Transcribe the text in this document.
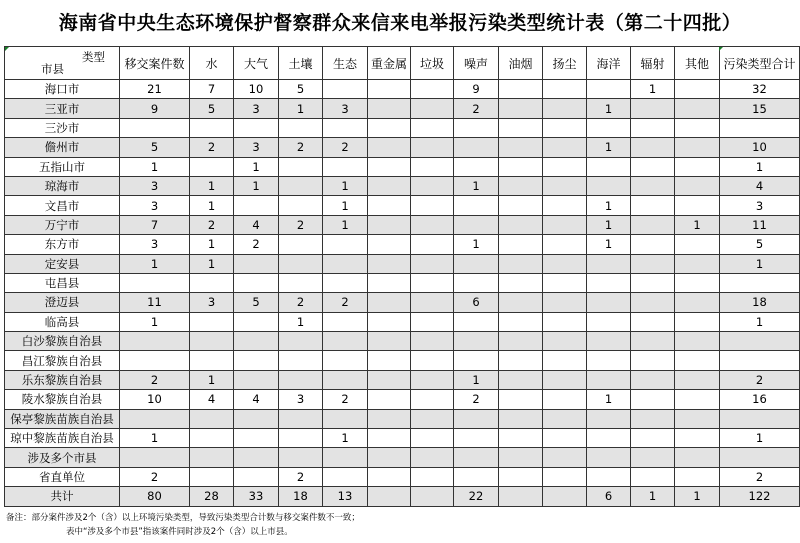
海南省中央生态环境保护督察群众来信来电举报污染类型统计表（第二十四批）
类型
市县	移交案件数	水	大气	土壤	生态	重金属	垃圾	噪声	油烟	扬尘	海洋	辐射	其他	污染类型合计
海口市	21	7	10	5				9				1		32
三亚市	9	5	3	1	3			2			1			15
三沙市														
儋州市	5	2	3	2	2						1			10
五指山市	1		1											1
琼海市	3	1	1		1			1						4
文昌市	3	1			1						1			3
万宁市	7	2	4	2	1						1		1	11
东方市	3	1	2					1			1			5
定安县	1	1												1
屯昌县														
澄迈县	11	3	5	2	2			6						18
临高县	1			1										1
白沙黎族自治县														
昌江黎族自治县														
乐东黎族自治县	2	1						1						2
陵水黎族自治县	10	4	4	3	2			2			1			16
保亭黎族苗族自治县														
琼中黎族苗族自治县	1				1									1
涉及多个市县														
省直单位	2			2										2
共计	80	28	33	18	13			22			6	1	1	122
备注：部分案件涉及2个（含）以上环境污染类型，导致污染类型合计数与移交案件数不一致；
表中“涉及多个市县”指该案件同时涉及2个（含）以上市县。
